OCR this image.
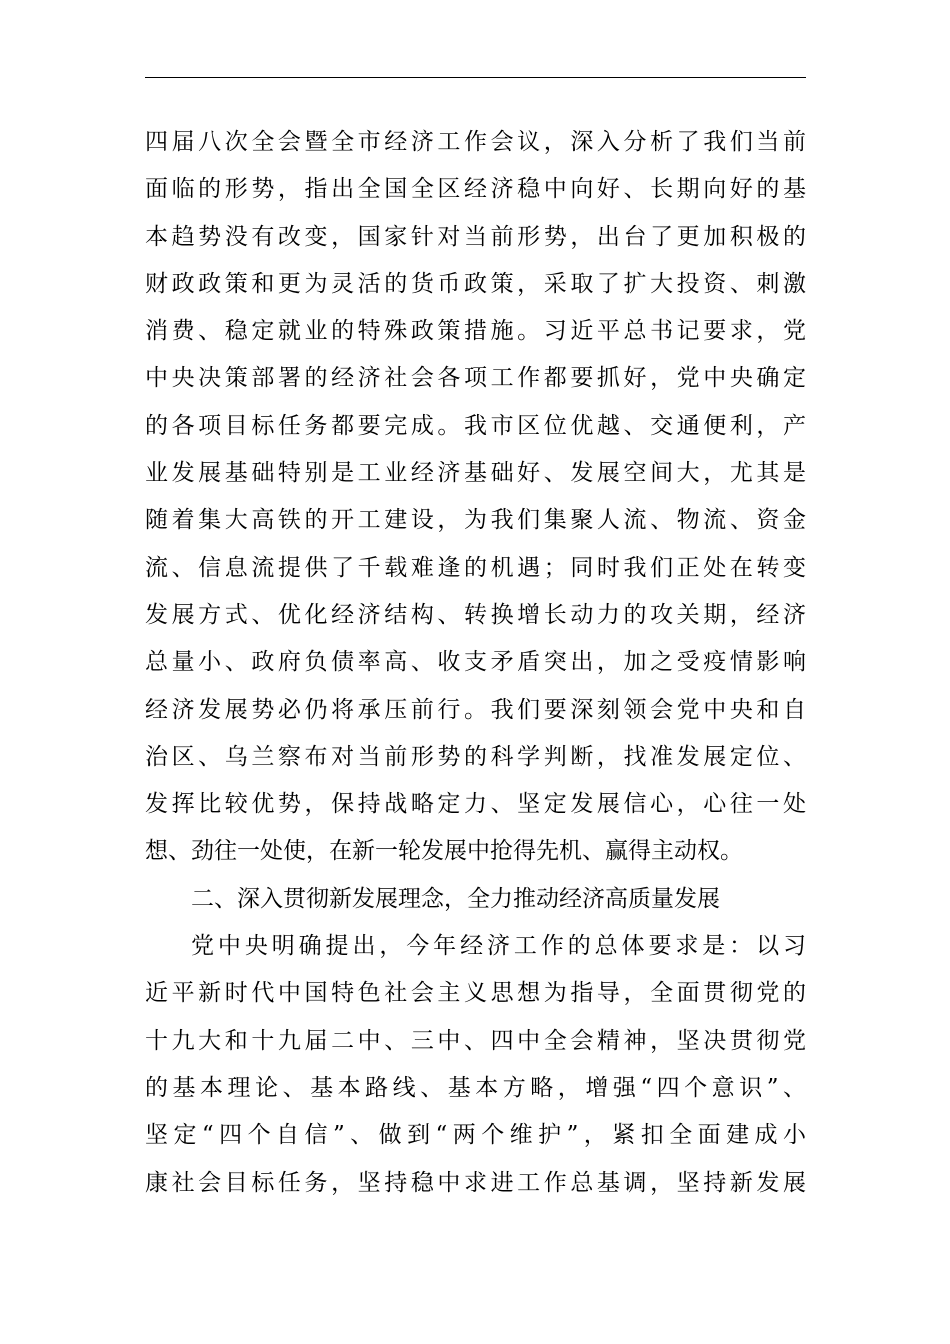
四届八次全会暨全市经济工作会议，深入分析了我们当前
面临的形势，指出全国全区经济稳中向好、长期向好的基
本趋势没有改变，国家针对当前形势，出台了更加积极的
财政政策和更为灵活的货币政策，采取了扩大投资、刺激
消费、稳定就业的特殊政策措施。习近平总书记要求，党
中央决策部署的经济社会各项工作都要抓好，党中央确定
的各项目标任务都要完成。我市区位优越、交通便利，产
业发展基础特别是工业经济基础好、发展空间大，尤其是
随着集大高铁的开工建设，为我们集聚人流、物流、资金
流、信息流提供了千载难逢的机遇；同时我们正处在转变
发展方式、优化经济结构、转换增长动力的攻关期，经济
总量小、政府负债率高、收支矛盾突出，加之受疫情影响
经济发展势必仍将承压前行。我们要深刻领会党中央和自
治区、乌兰察布对当前形势的科学判断，找准发展定位、
发挥比较优势，保持战略定力、坚定发展信心，心往一处
想、劲往一处使，在新一轮发展中抢得先机、赢得主动权。
二、深入贯彻新发展理念，全力推动经济高质量发展
党中央明确提出，今年经济工作的总体要求是：以习
近平新时代中国特色社会主义思想为指导，全面贯彻党的
十九大和十九届二中、三中、四中全会精神，坚决贯彻党
的基本理论、基本路线、基本方略，增强“四个意识”、
坚定“四个自信”、做到“两个维护”，紧扣全面建成小
康社会目标任务，坚持稳中求进工作总基调，坚持新发展
